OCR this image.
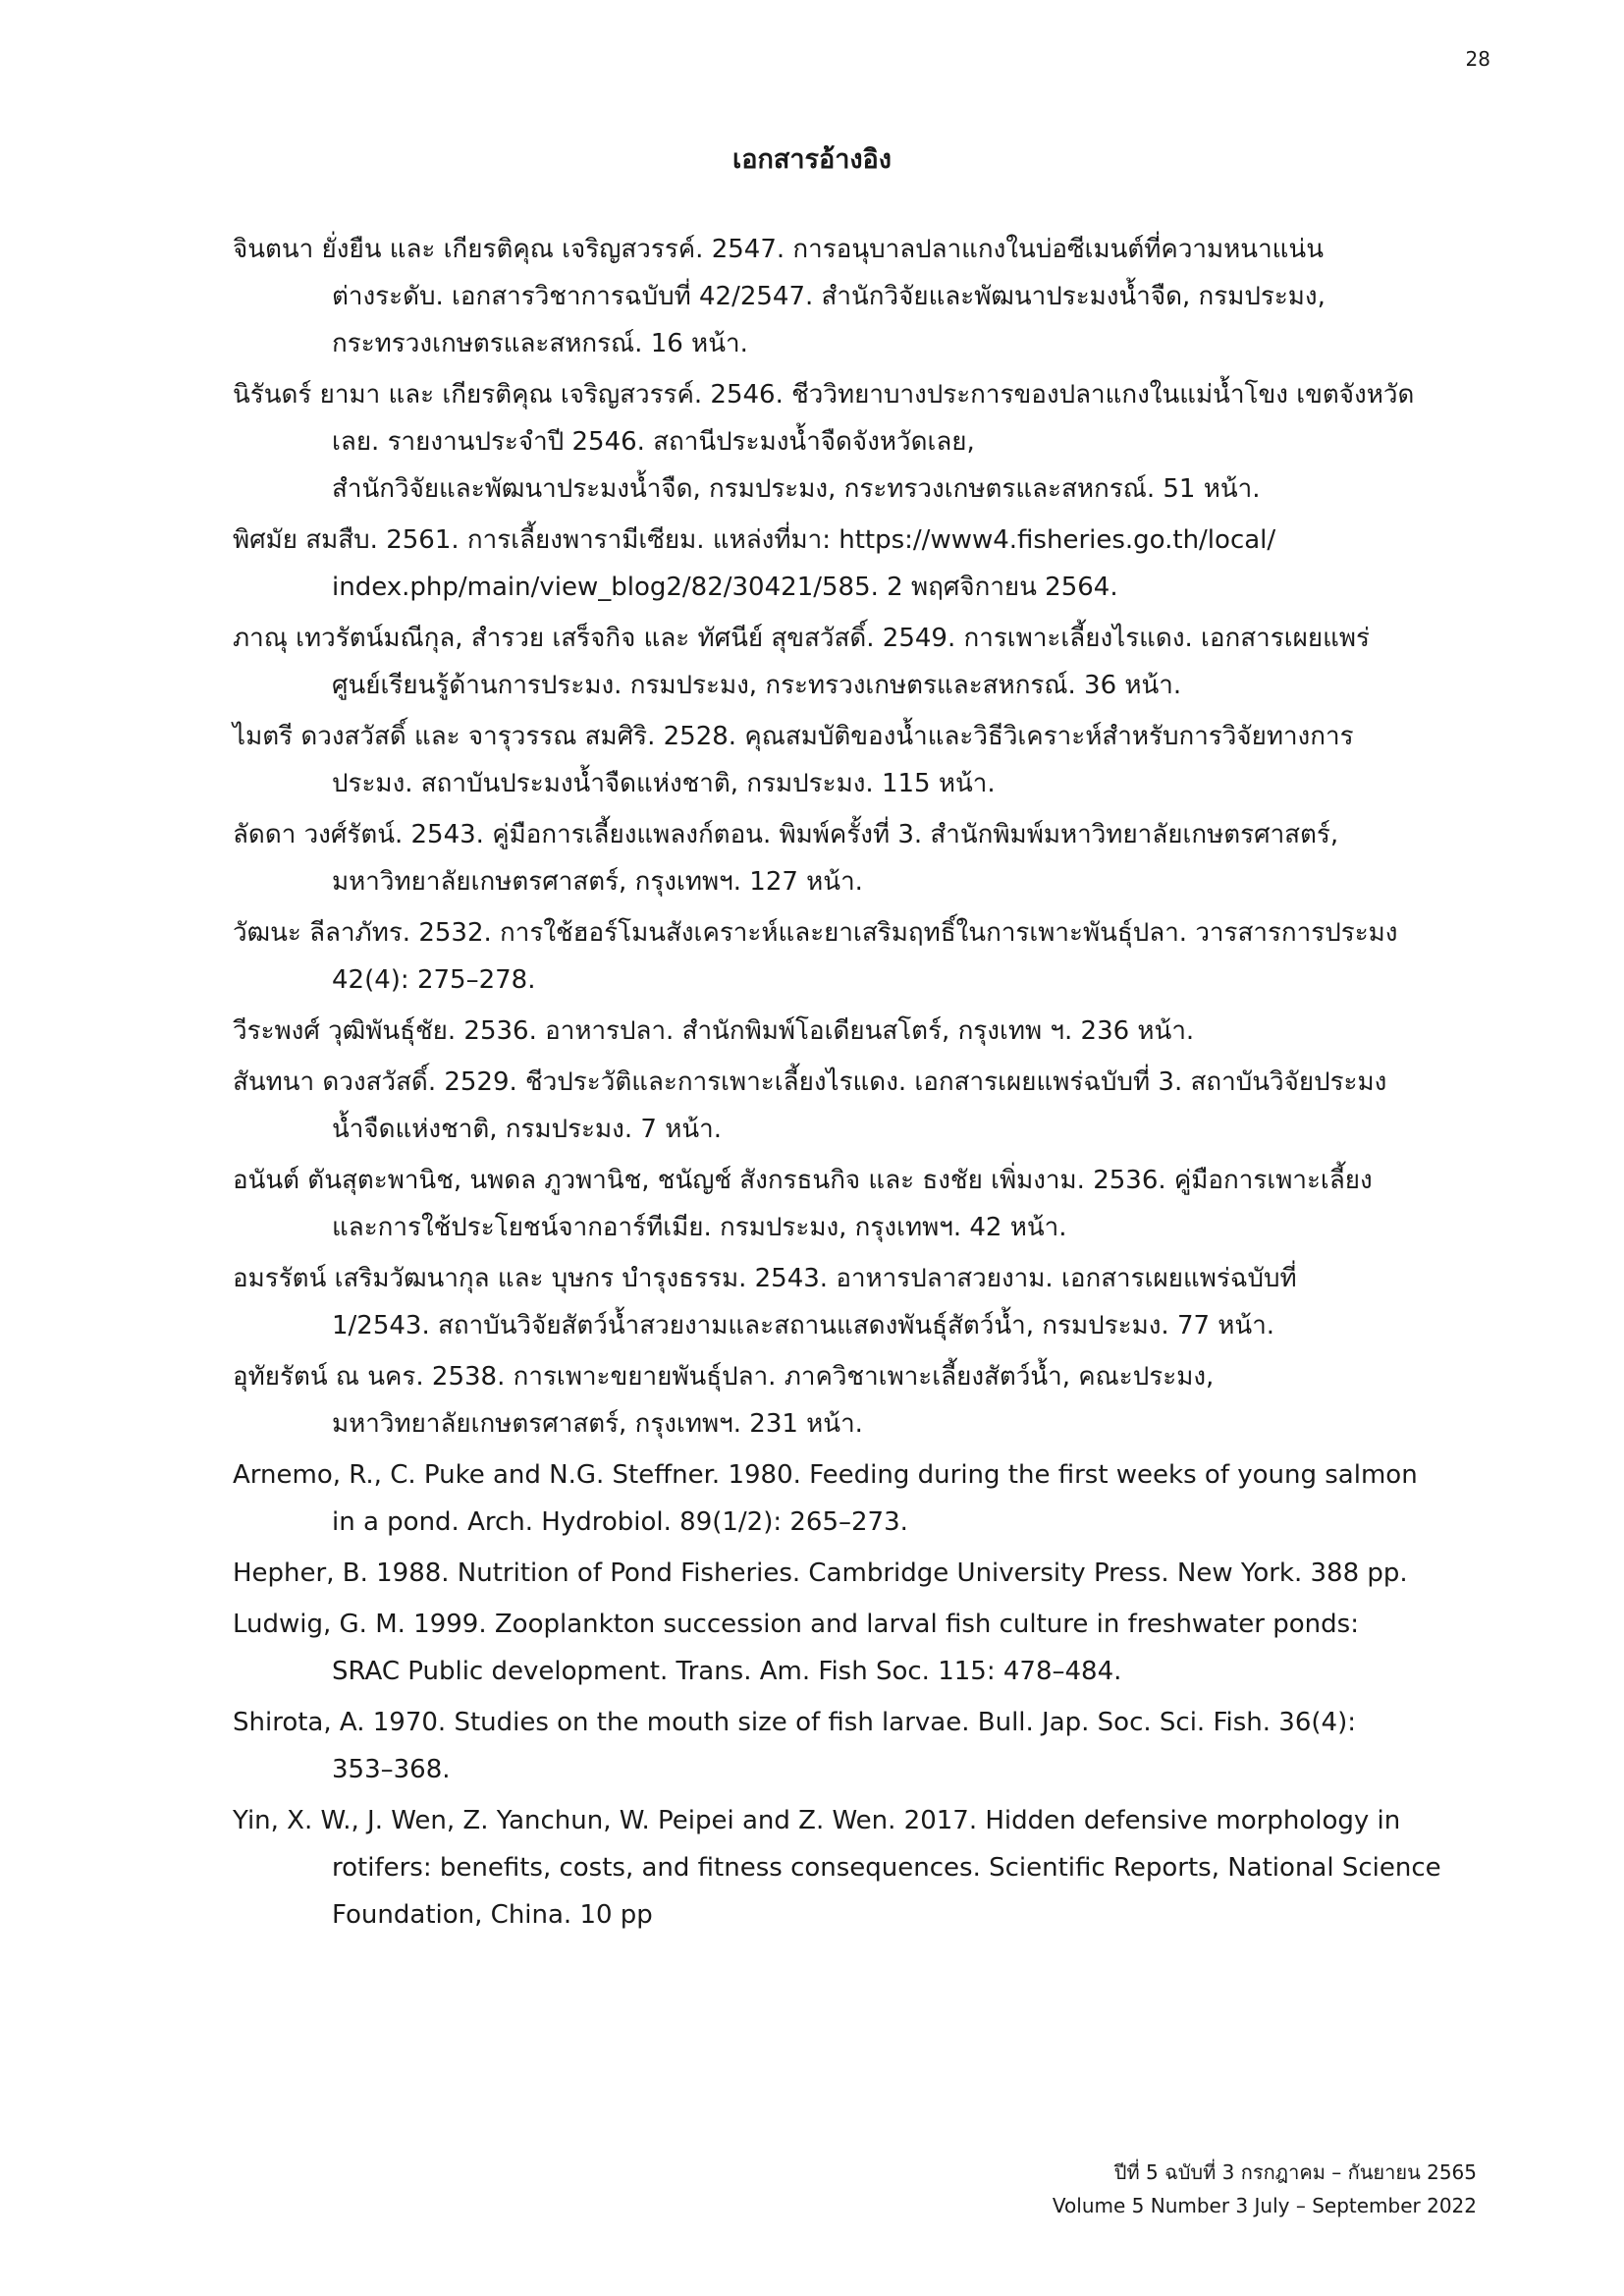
28
เอกสารอ้างอิง
จินตนา ยั่งยืน และ เกียรติคุณ เจริญสวรรค์. 2547. การอนุบาลปลาแกงในบ่อซีเมนต์ที่ความหนาแน่น
ต่างระดับ. เอกสารวิชาการฉบับที่ 42/2547. สำนักวิจัยและพัฒนาประมงน้ำจืด, กรมประมง,
กระทรวงเกษตรและสหกรณ์. 16 หน้า.
นิรันดร์ ยามา และ เกียรติคุณ เจริญสวรรค์. 2546. ชีววิทยาบางประการของปลาแกงในแม่น้ำโขง เขตจังหวัด
เลย. รายงานประจำปี 2546. สถานีประมงน้ำจืดจังหวัดเลย,
สำนักวิจัยและพัฒนาประมงน้ำจืด, กรมประมง, กระทรวงเกษตรและสหกรณ์. 51 หน้า.
พิศมัย สมสืบ. 2561. การเลี้ยงพารามีเซียม. แหล่งที่มา: https://www4.fisheries.go.th/local/
index.php/main/view_blog2/82/30421/585. 2 พฤศจิกายน 2564.
ภาณุ เทวรัตน์มณีกุล, สำรวย เสร็จกิจ และ ทัศนีย์ สุขสวัสดิ์. 2549. การเพาะเลี้ยงไรแดง. เอกสารเผยแพร่
ศูนย์เรียนรู้ด้านการประมง. กรมประมง, กระทรวงเกษตรและสหกรณ์. 36 หน้า.
ไมตรี ดวงสวัสดิ์ และ จารุวรรณ สมศิริ. 2528. คุณสมบัติของน้ำและวิธีวิเคราะห์สำหรับการวิจัยทางการ
ประมง. สถาบันประมงน้ำจืดแห่งชาติ, กรมประมง. 115 หน้า.
ลัดดา วงศ์รัตน์. 2543. คู่มือการเลี้ยงแพลงก์ตอน. พิมพ์ครั้งที่ 3. สำนักพิมพ์มหาวิทยาลัยเกษตรศาสตร์,
มหาวิทยาลัยเกษตรศาสตร์, กรุงเทพฯ. 127 หน้า.
วัฒนะ ลีลาภัทร. 2532. การใช้ฮอร์โมนสังเคราะห์และยาเสริมฤทธิ์ในการเพาะพันธุ์ปลา. วารสารการประมง
42(4): 275–278.
วีระพงศ์ วุฒิพันธุ์ชัย. 2536. อาหารปลา. สำนักพิมพ์โอเดียนสโตร์, กรุงเทพ ฯ. 236 หน้า.
สันทนา ดวงสวัสดิ์. 2529. ชีวประวัติและการเพาะเลี้ยงไรแดง. เอกสารเผยแพร่ฉบับที่ 3. สถาบันวิจัยประมง
น้ำจืดแห่งชาติ, กรมประมง. 7 หน้า.
อนันต์ ตันสุตะพานิช, นพดล ภูวพานิช, ชนัญช์ สังกรธนกิจ และ ธงชัย เพิ่มงาม. 2536. คู่มือการเพาะเลี้ยง
และการใช้ประโยชน์จากอาร์ทีเมีย. กรมประมง, กรุงเทพฯ. 42 หน้า.
อมรรัตน์ เสริมวัฒนากุล และ บุษกร บำรุงธรรม. 2543. อาหารปลาสวยงาม. เอกสารเผยแพร่ฉบับที่
1/2543. สถาบันวิจัยสัตว์น้ำสวยงามและสถานแสดงพันธุ์สัตว์น้ำ, กรมประมง. 77 หน้า.
อุทัยรัตน์ ณ นคร. 2538. การเพาะขยายพันธุ์ปลา. ภาควิชาเพาะเลี้ยงสัตว์น้ำ, คณะประมง,
มหาวิทยาลัยเกษตรศาสตร์, กรุงเทพฯ. 231 หน้า.
Arnemo, R., C. Puke and N.G. Steffner. 1980. Feeding during the first weeks of young salmon
in a pond. Arch. Hydrobiol. 89(1/2): 265–273.
Hepher, B. 1988. Nutrition of Pond Fisheries. Cambridge University Press. New York. 388 pp.
Ludwig, G. M. 1999. Zooplankton succession and larval fish culture in freshwater ponds:
SRAC Public development. Trans. Am. Fish Soc. 115: 478–484.
Shirota, A. 1970. Studies on the mouth size of fish larvae. Bull. Jap. Soc. Sci. Fish. 36(4):
353–368.
Yin, X. W., J. Wen, Z. Yanchun, W. Peipei and Z. Wen. 2017. Hidden defensive morphology in
rotifers: benefits, costs, and fitness consequences. Scientific Reports, National Science
Foundation, China. 10 pp
ปีที่ 5 ฉบับที่ 3 กรกฎาคม – กันยายน 2565
Volume 5 Number 3 July – September 2022
